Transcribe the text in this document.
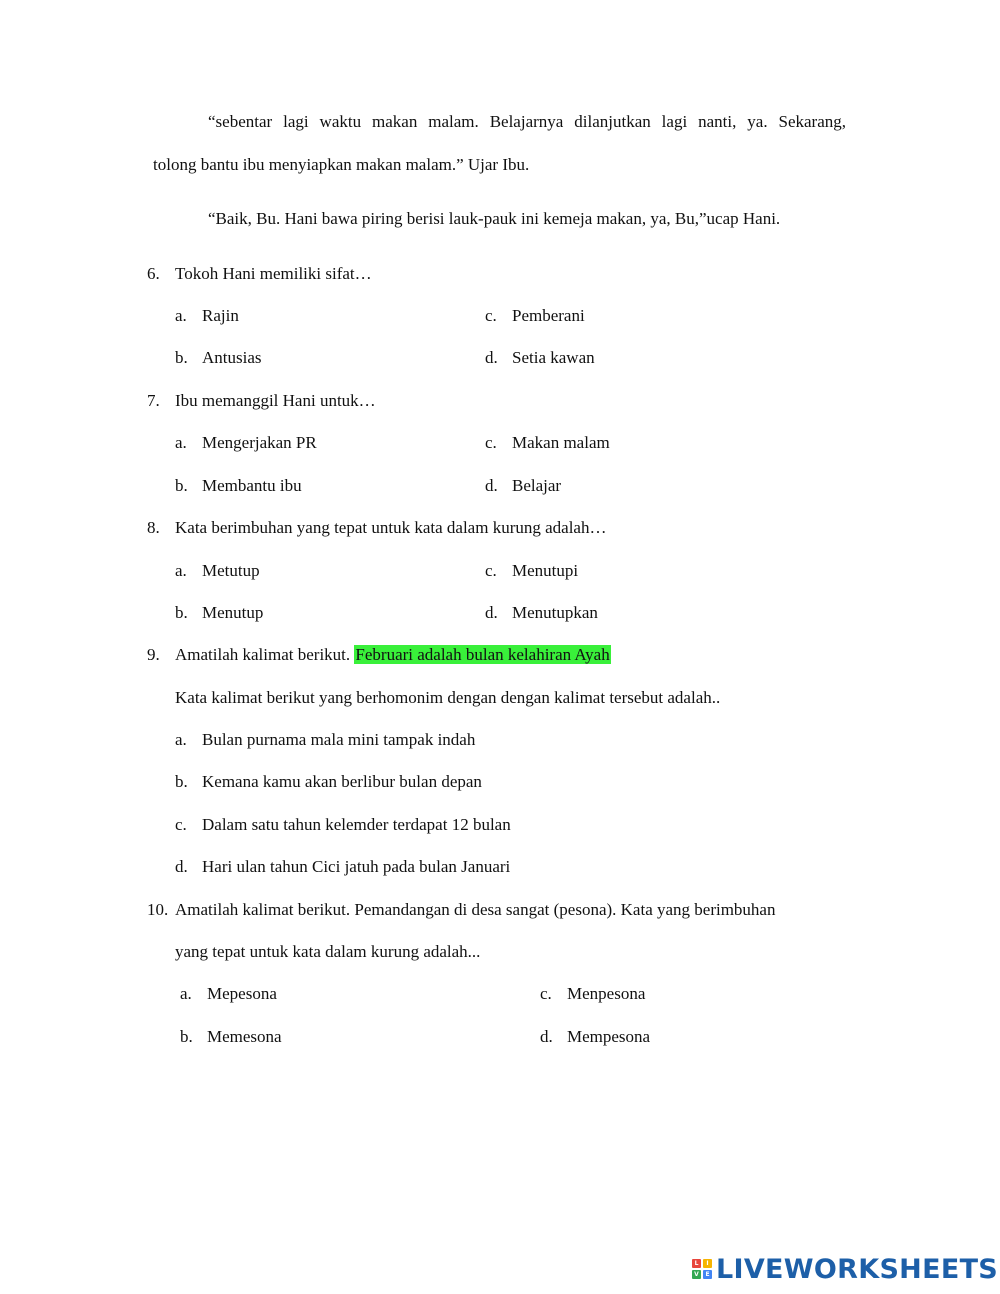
“sebentar lagi waktu makan malam. Belajarnya dilanjutkan lagi nanti, ya. Sekarang,
tolong bantu ibu menyiapkan makan malam.” Ujar Ibu.
“Baik, Bu. Hani bawa piring berisi lauk-pauk ini kemeja makan, ya, Bu,”ucap Hani.
6. Tokoh Hani memiliki sifat…
a. Rajin	c. Pemberani
b. Antusias	d. Setia kawan
7. Ibu memanggil Hani untuk…
a. Mengerjakan PR	c. Makan malam
b. Membantu ibu	d. Belajar
8. Kata berimbuhan yang tepat untuk kata dalam kurung adalah…
a. Metutup	c. Menutupi
b. Menutup	d. Menutupkan
9. Amatilah kalimat berikut. Februari adalah bulan kelahiran Ayah
Kata kalimat berikut yang berhomonim dengan dengan kalimat tersebut adalah..
a. Bulan purnama mala mini tampak indah
b. Kemana kamu akan berlibur bulan depan
c. Dalam satu tahun kelemder terdapat 12 bulan
d. Hari ulan tahun Cici jatuh pada bulan Januari
10. Amatilah kalimat berikut. Pemandangan di desa sangat (pesona). Kata yang berimbuhan
yang tepat untuk kata dalam kurung adalah...
a. Mepesona	c. Menpesona
b. Memesona	d. Mempesona
L	I
V	E LIVEWORKSHEETS
